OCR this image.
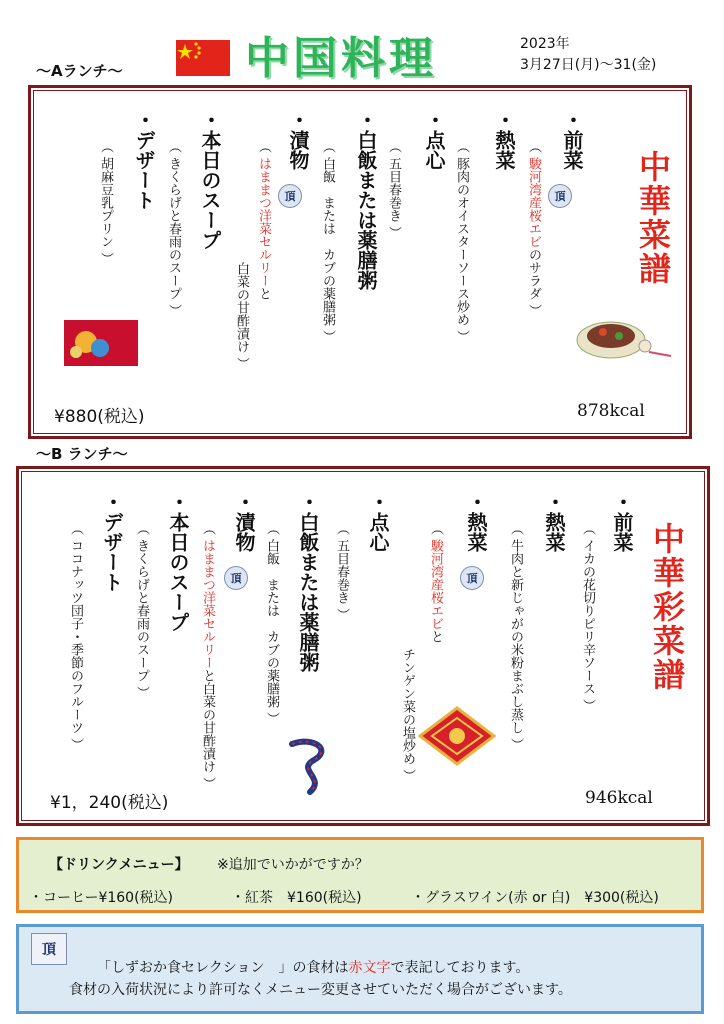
中国料理	2023年
3月27日(月)～31(金)
～Aランチ～
中華菜譜
・前菜
（ 駿河湾産桜エビのサラダ ）
頂
・熱菜
（ 豚肉のオイスターソース炒め ）
・点心
（ 五目春巻き ）
・白飯または薬膳粥
（ 白飯　または　カブの薬膳粥 ）
・漬物
頂
（ はままつ洋菜セルリーと
白菜の甘酢漬け ）
・本日のスープ
（ きくらげと春雨のスープ ）
・デザート
（ 胡麻豆乳プリン ）
¥880(税込)	878kcal
～B ランチ～
中華彩菜譜
・前菜
（ イカの花切りピリ辛ソース ）
・熱菜
（ 牛肉と新じゃがの米粉まぶし蒸し ）
・熱菜
頂
（ 駿河湾産桜エビと
チンゲン菜の塩炒め ）
・点心
（ 五目春巻き ）
・白飯または薬膳粥
（ 白飯　または　カブの薬膳粥 ）
・漬物
頂
（ はままつ洋菜セルリーと白菜の甘酢漬け ）
・本日のスープ
（ きくらげと春雨のスープ ）
・デザート
（ ココナッツ団子・季節のフルーツ ）
¥1，240(税込)	946kcal
【ドリンクメニュー】 ※追加でいかがですか？
・コーヒー¥160(税込)	・紅茶　¥160(税込)	・グラスワイン(赤 or 白)　¥300(税込)
頂
「しずおか食セレクション　」の食材は赤文字で表記しております。
食材の入荷状況により許可なくメニュー変更させていただく場合がございます。
